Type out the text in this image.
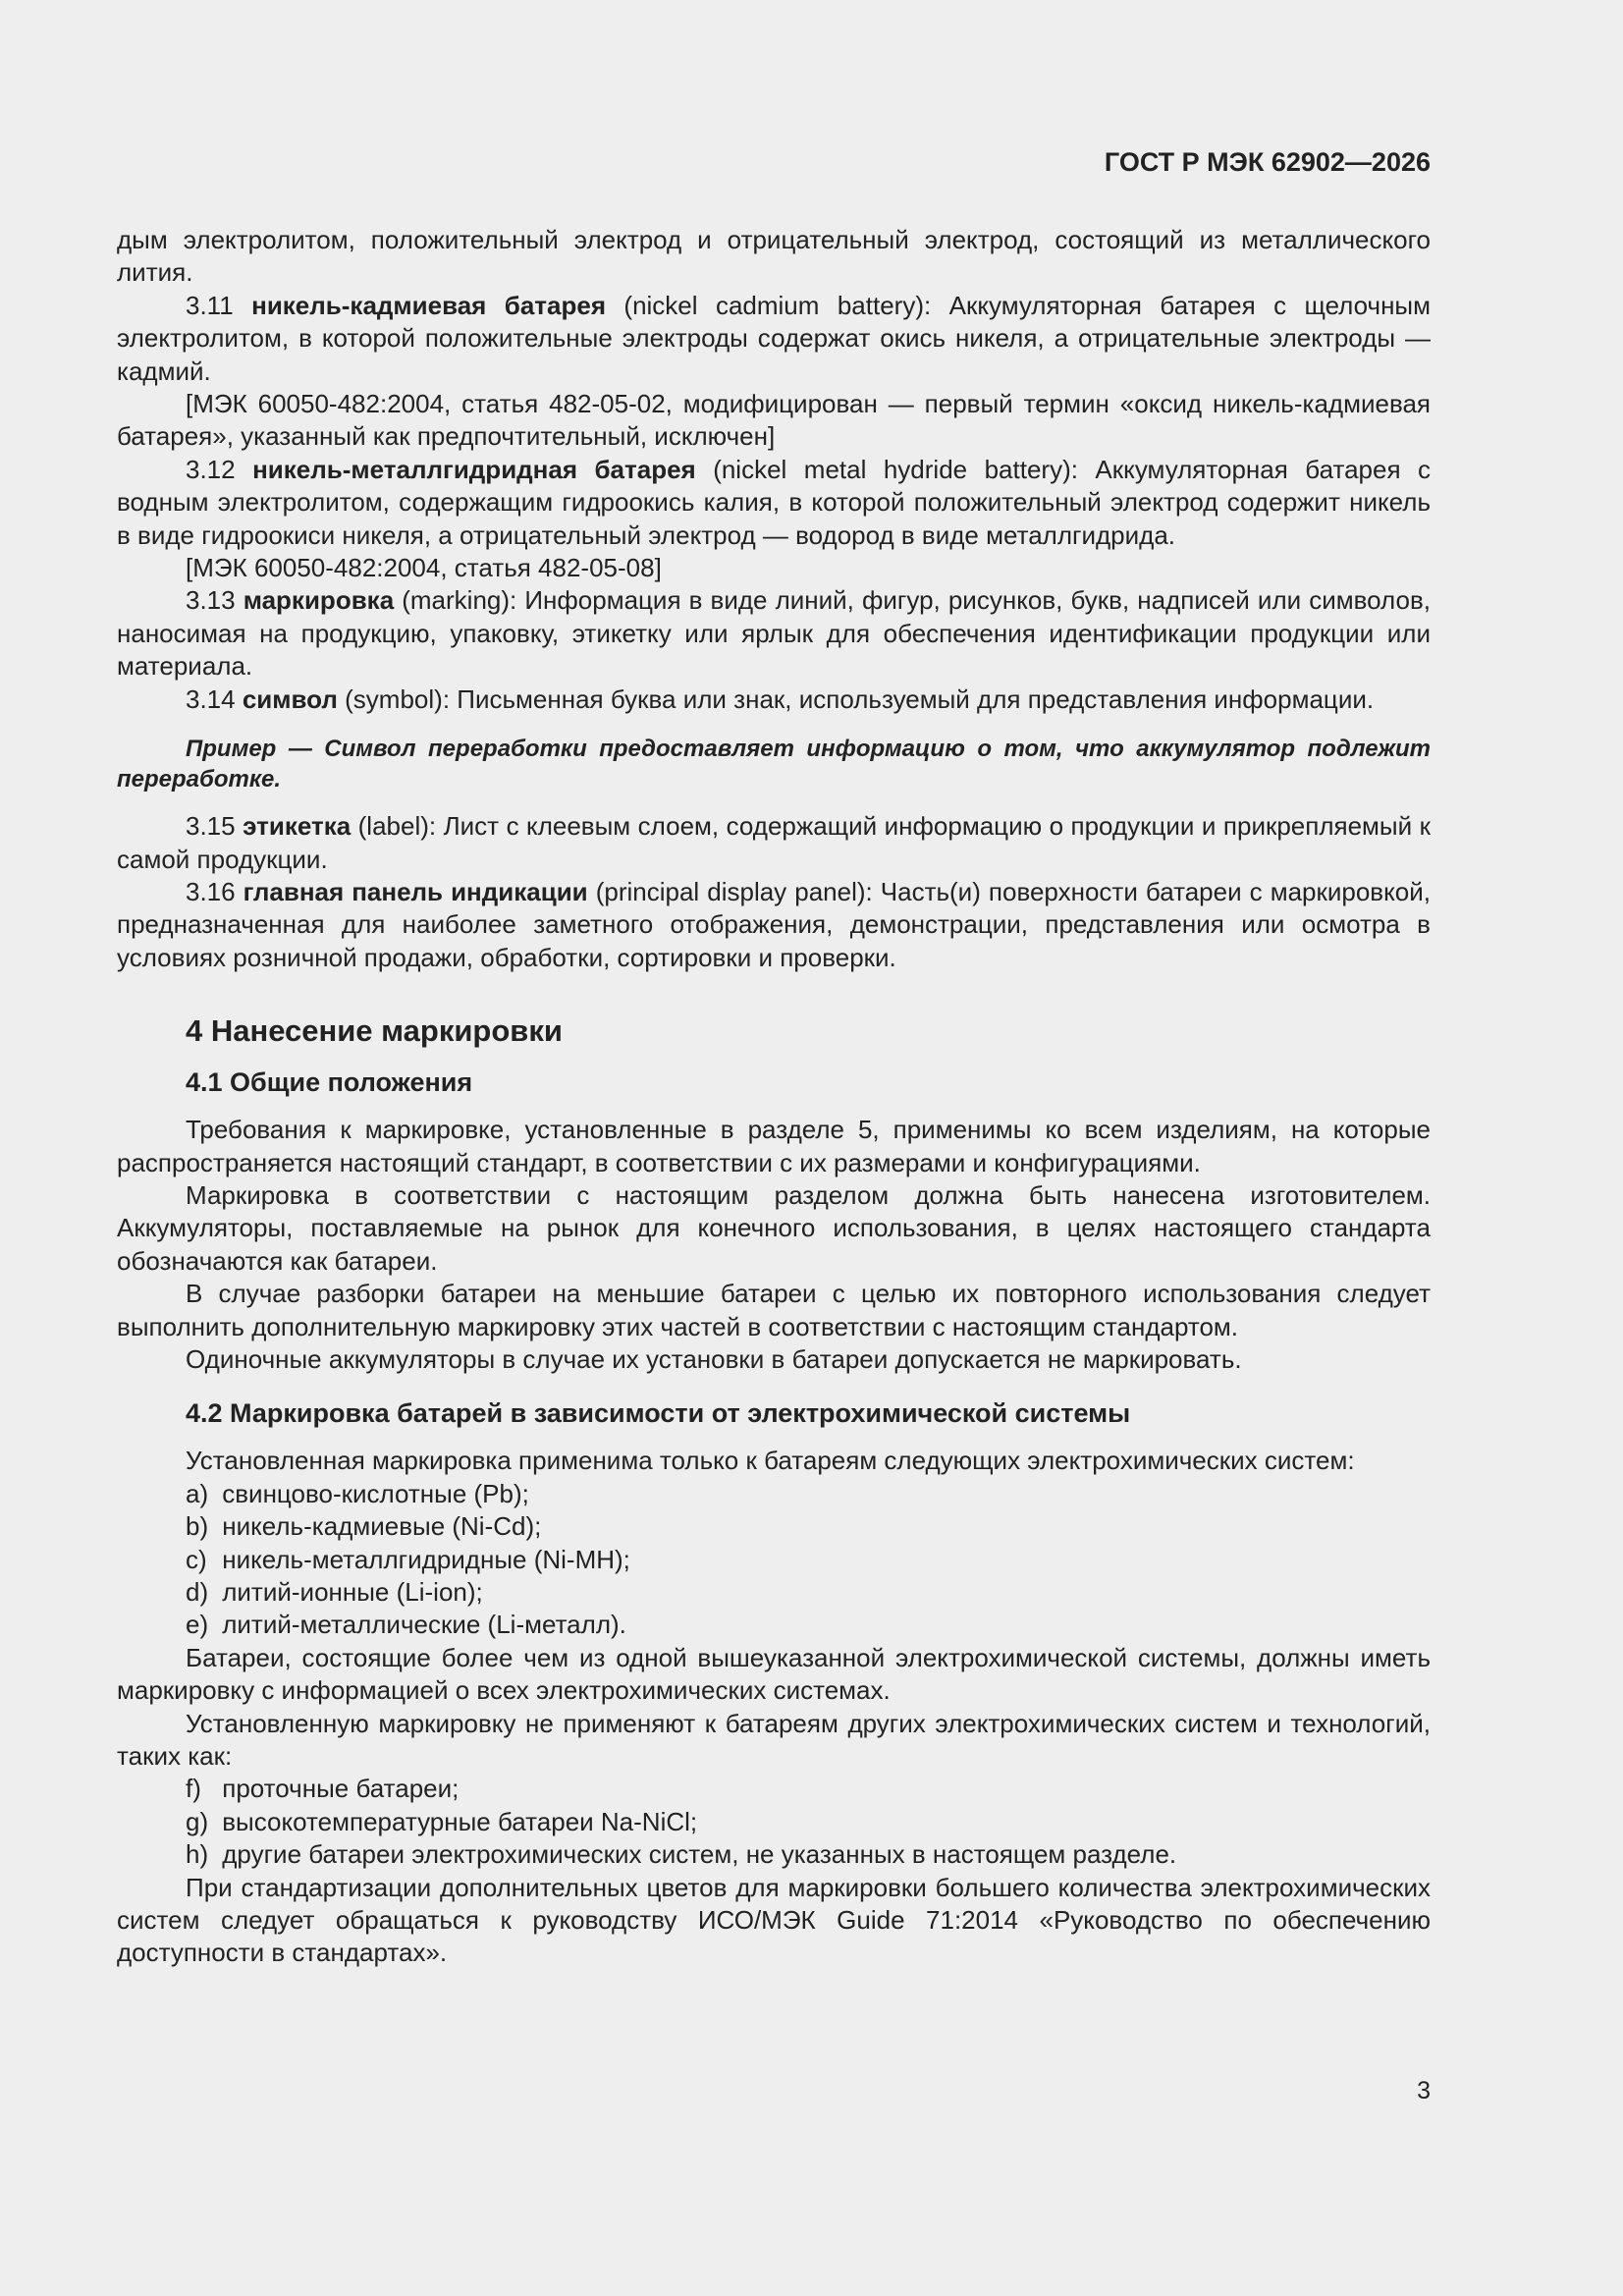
ГОСТ Р МЭК 62902—2026

дым электролитом, положительный электрод и отрицательный электрод, состоящий из металлического лития.

3.11 никель-кадмиевая батарея (nickel cadmium battery): Аккумуляторная батарея с щелочным электролитом, в которой положительные электроды содержат окись никеля, а отрицательные электроды — кадмий.

[МЭК 60050-482:2004, статья 482-05-02, модифицирован — первый термин «оксид никель-кадмиевая батарея», указанный как предпочтительный, исключен]

3.12 никель-металлгидридная батарея (nickel metal hydride battery): Аккумуляторная батарея с водным электролитом, содержащим гидроокись калия, в которой положительный электрод содержит никель в виде гидроокиси никеля, а отрицательный электрод — водород в виде металлгидрида.

[МЭК 60050-482:2004, статья 482-05-08]

3.13 маркировка (marking): Информация в виде линий, фигур, рисунков, букв, надписей или символов, наносимая на продукцию, упаковку, этикетку или ярлык для обеспечения идентификации продукции или материала.

3.14 символ (symbol): Письменная буква или знак, используемый для представления информации.

Пример — Символ переработки предоставляет информацию о том, что аккумулятор подлежит переработке.

3.15 этикетка (label): Лист с клеевым слоем, содержащий информацию о продукции и прикрепляемый к самой продукции.

3.16 главная панель индикации (principal display panel): Часть(и) поверхности батареи с маркировкой, предназначенная для наиболее заметного отображения, демонстрации, представления или осмотра в условиях розничной продажи, обработки, сортировки и проверки.

4 Нанесение маркировки
4.1 Общие положения

Требования к маркировке, установленные в разделе 5, применимы ко всем изделиям, на которые распространяется настоящий стандарт, в соответствии с их размерами и конфигурациями.

Маркировка в соответствии с настоящим разделом должна быть нанесена изготовителем. Аккумуляторы, поставляемые на рынок для конечного использования, в целях настоящего стандарта обозначаются как батареи.

В случае разборки батареи на меньшие батареи с целью их повторного использования следует выполнить дополнительную маркировку этих частей в соответствии с настоящим стандартом.

Одиночные аккумуляторы в случае их установки в батареи допускается не маркировать.

4.2 Маркировка батарей в зависимости от электрохимической системы

Установленная маркировка применима только к батареям следующих электрохимических систем:

a) свинцово-кислотные (Pb);
b) никель-кадмиевые (Ni-Cd);
c) никель-металлгидридные (Ni-MH);
d) литий-ионные (Li-ion);
e) литий-металлические (Li-металл).

Батареи, состоящие более чем из одной вышеуказанной электрохимической системы, должны иметь маркировку с информацией о всех электрохимических системах.

Установленную маркировку не применяют к батареям других электрохимических систем и технологий, таких как:

f) проточные батареи;
g) высокотемпературные батареи Na-NiCl;
h) другие батареи электрохимических систем, не указанных в настоящем разделе.

При стандартизации дополнительных цветов для маркировки большего количества электрохимических систем следует обращаться к руководству ИСО/МЭК Guide 71:2014 «Руководство по обеспечению доступности в стандартах».

3
